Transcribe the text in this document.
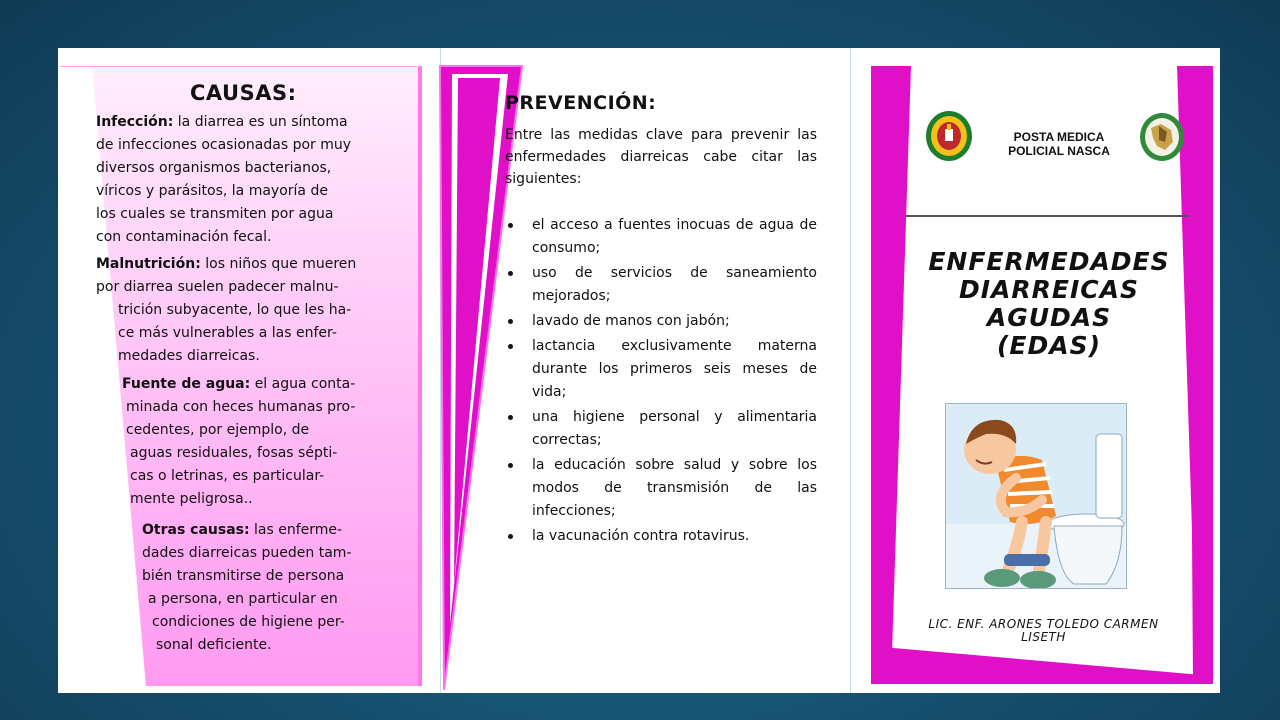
CAUSAS:
Infección: la diarrea es un síntoma
de infecciones ocasionadas por muy
diversos organismos bacterianos,
víricos y parásitos, la mayoría de
los cuales se transmiten por agua
con contaminación fecal.
Malnutrición: los niños que mueren
por diarrea suelen padecer malnu-
trición subyacente, lo que les ha-
ce más vulnerables a las enfer-
medades diarreicas.
Fuente de agua: el agua conta-
minada con heces humanas pro-
cedentes, por ejemplo, de
aguas residuales, fosas sépti-
cas o letrinas, es particular-
mente peligrosa..
Otras causas: las enferme-
dades diarreicas pueden tam-
bién transmitirse de persona
a persona, en particular en
condiciones de higiene per-
sonal deficiente.
PREVENCIÓN:
Entre las medidas clave para prevenir las enfermedades diarreicas cabe citar las siguientes:
el acceso a fuentes inocuas de agua de consumo;
uso de servicios de saneamiento mejorados;
lavado de manos con jabón;
lactancia exclusivamente materna durante los primeros seis meses de vida;
una higiene personal y alimentaria correctas;
la educación sobre salud y sobre los modos de transmisión de las infecciones;
la vacunación contra rotavirus.
POSTA MEDICA
POLICIAL NASCA
ENFERMEDADES
DIARREICAS
AGUDAS
(EDAS)
LIC. ENF. ARONES TOLEDO CARMEN
LISETH
